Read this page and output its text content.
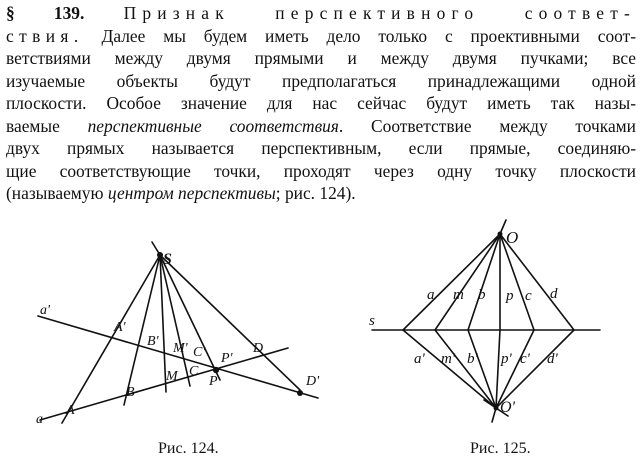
§ 139. Признак перспективного соответ-
ствия. Далее мы будем иметь дело только с проективными соот-
ветствиями между двумя прямыми и между двумя пучками; все
изучаемые объекты будут предполагаться принадлежащими одной
плоскости. Особое значение для нас сейчас будут иметь так назы-
ваемые перспективные соответствия. Соответствие между точками
двух прямых называется перспективным, если прямые, соединяю-
щие соответствующие точки, проходят через одну точку плоскости
(называемую центром перспективы; рис. 124).
S
a'
A'
B' M' C' P'
D
C
M P
B
A
a
D'
O
s
a m b p c d
a' m' b' p' c' d'
O'
Рис. 124.	Рис. 125.
